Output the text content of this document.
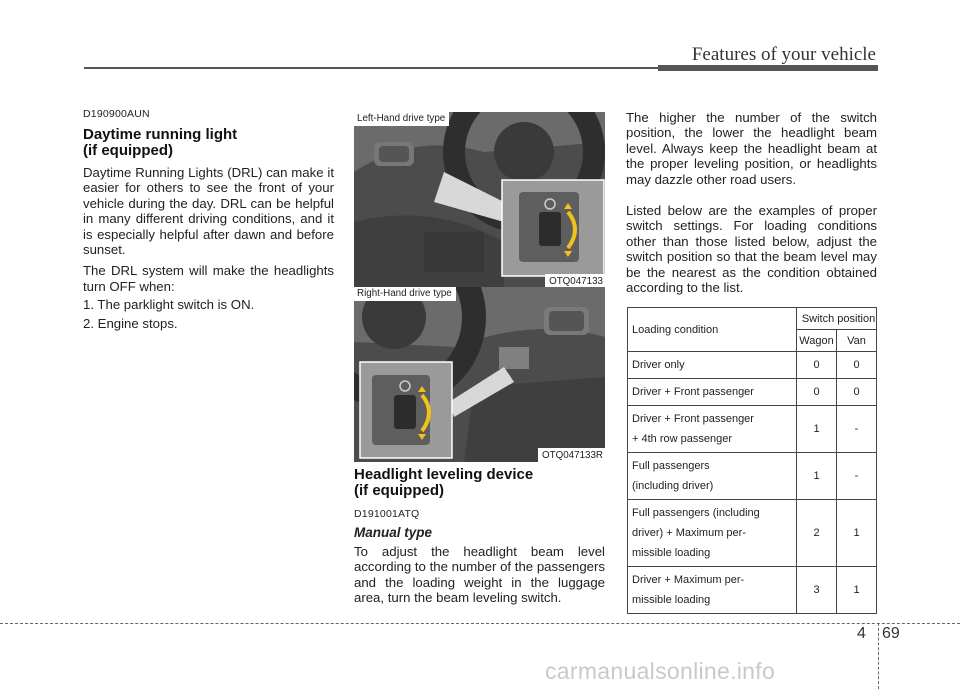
Features of your vehicle
D190900AUN
Daytime running light
(if equipped)
Daytime Running Lights (DRL) can make it easier for others to see the front of your vehicle during the day. DRL can be helpful in many different driving conditions, and it is especially helpful after dawn and before sunset.
The DRL system will make the headlights turn OFF when:
1. The parklight switch is ON.
2. Engine stops.
Left-Hand drive type
OTQ047133
Right-Hand drive type
OTQ047133R
Headlight leveling device
(if equipped)
D191001ATQ
Manual type
To adjust the headlight beam level according to the number of the passengers and the loading weight in the luggage area, turn the beam leveling switch.
The higher the number of the switch position, the lower the headlight beam level. Always keep the headlight beam at the proper leveling position, or headlights may dazzle other road users.
Listed below are the examples of proper switch settings. For loading conditions other than those listed below, adjust the switch position so that the beam level may be the nearest as the condition obtained according to the list.
Loading condition	Switch position	
	Wagon	Van
Driver only	0	0
Driver + Front passenger	0	0

Driver + Front passenger
+ 4th row passenger	1	-

Full passengers
(including driver)	1	-

Full passengers (including
driver) + Maximum per-
missible loading	2	1

Driver + Maximum per-
missible loading	3	1
4 69
carmanualsonline.info
